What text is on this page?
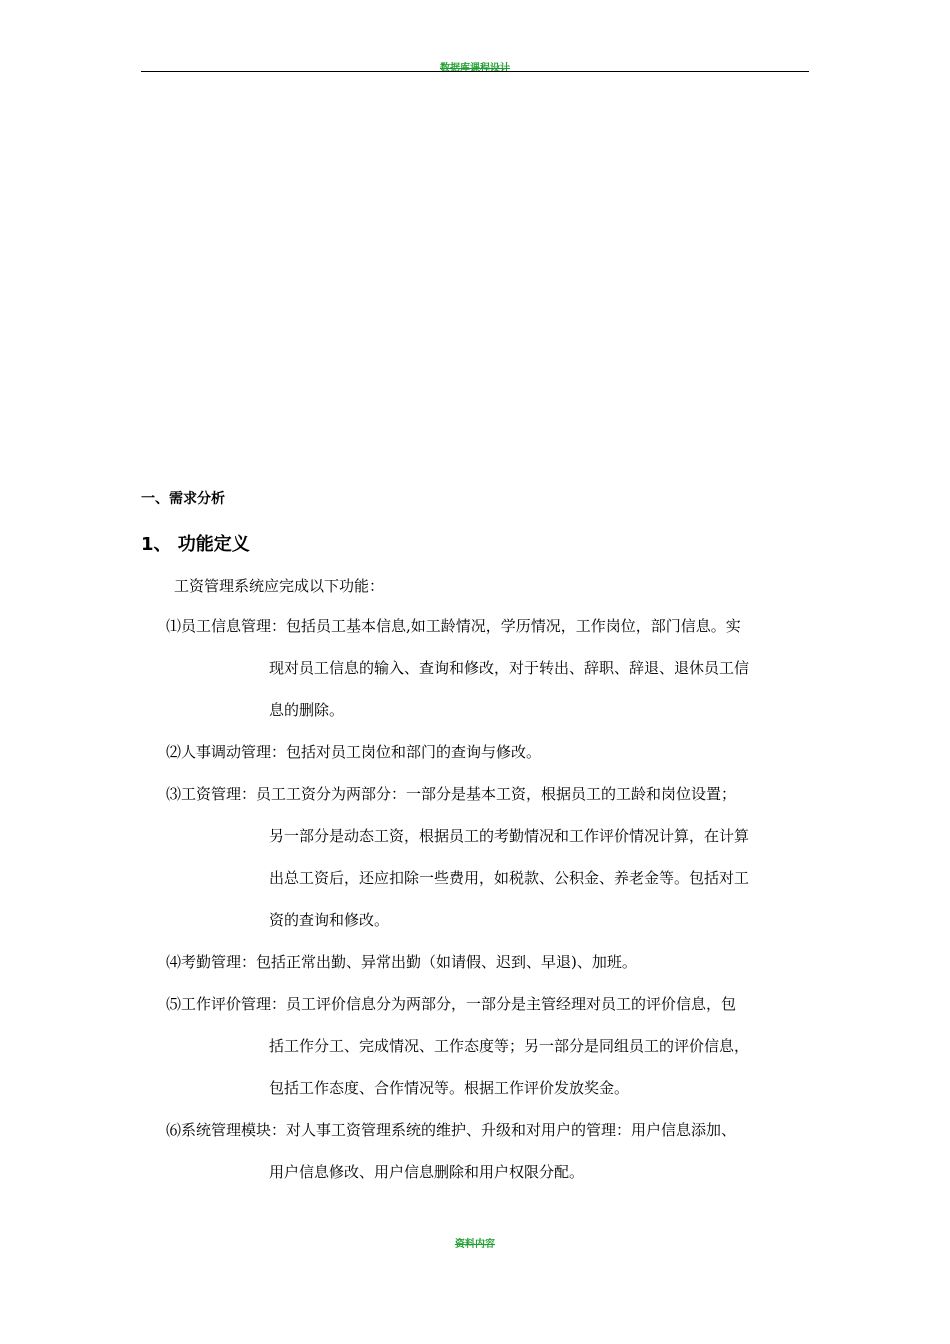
数据库课程设计
一、需求分析
1、 功能定义
工资管理系统应完成以下功能：
⑴员工信息管理：包括员工基本信息,如工龄情况，学历情况，工作岗位，部门信息。实
现对员工信息的输入、查询和修改，对于转出、辞职、辞退、退休员工信
息的删除。
⑵人事调动管理：包括对员工岗位和部门的查询与修改。
⑶工资管理：员工工资分为两部分：一部分是基本工资，根据员工的工龄和岗位设置；
另一部分是动态工资，根据员工的考勤情况和工作评价情况计算，在计算
出总工资后，还应扣除一些费用，如税款、公积金、养老金等。包括对工
资的查询和修改。
⑷考勤管理：包括正常出勤、异常出勤（如请假、迟到、早退)、加班。
⑸工作评价管理：员工评价信息分为两部分，一部分是主管经理对员工的评价信息，包
括工作分工、完成情况、工作态度等；另一部分是同组员工的评价信息，
包括工作态度、合作情况等。根据工作评价发放奖金。
⑹系统管理模块：对人事工资管理系统的维护、升级和对用户的管理：用户信息添加、
用户信息修改、用户信息删除和用户权限分配。
资料内容
